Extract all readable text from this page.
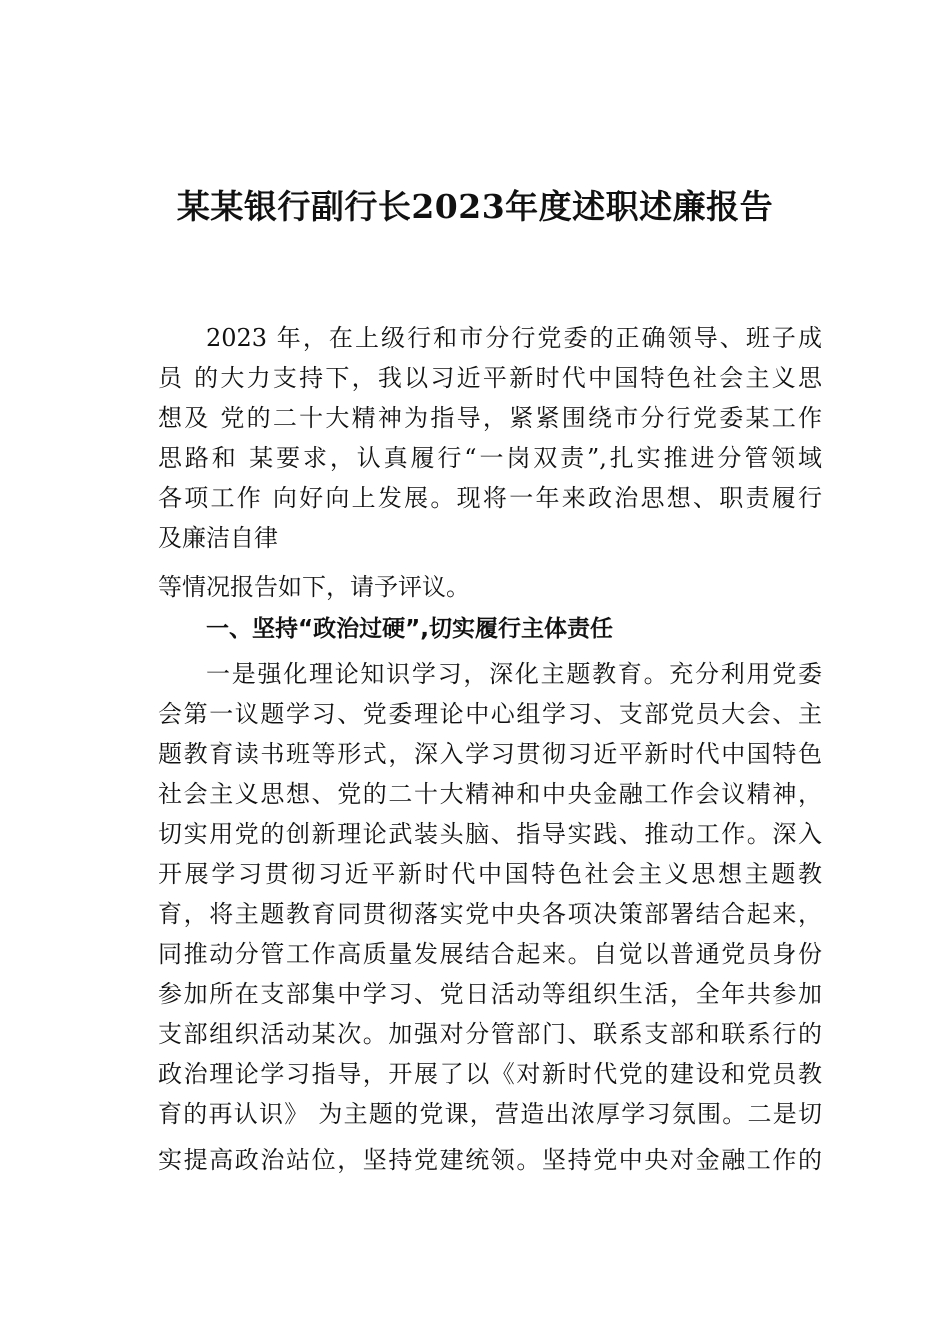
某某银行副行长2023年度述职述廉报告
2023 年，在上级行和市分行党委的正确领导、班子成
员 的大力支持下，我以习近平新时代中国特色社会主义思
想及 党的二十大精神为指导，紧紧围绕市分行党委某工作
思路和 某要求，认真履行“一岗双责”,扎实推进分管领域
各项工作 向好向上发展。现将一年来政治思想、职责履行
及廉洁自律
等情况报告如下，请予评议。
一、坚持“政治过硬”,切实履行主体责任
一是强化理论知识学习，深化主题教育。充分利用党委
会第一议题学习、党委理论中心组学习、支部党员大会、主
题教育读书班等形式，深入学习贯彻习近平新时代中国特色
社会主义思想、党的二十大精神和中央金融工作会议精神，
切实用党的创新理论武装头脑、指导实践、推动工作。深入
开展学习贯彻习近平新时代中国特色社会主义思想主题教
育，将主题教育同贯彻落实党中央各项决策部署结合起来，
同推动分管工作高质量发展结合起来。自觉以普通党员身份
参加所在支部集中学习、党日活动等组织生活，全年共参加
支部组织活动某次。加强对分管部门、联系支部和联系行的
政治理论学习指导，开展了以《对新时代党的建设和党员教
育的再认识》 为主题的党课，营造出浓厚学习氛围。二是切
实提高政治站位，坚持党建统领。坚持党中央对金融工作的
